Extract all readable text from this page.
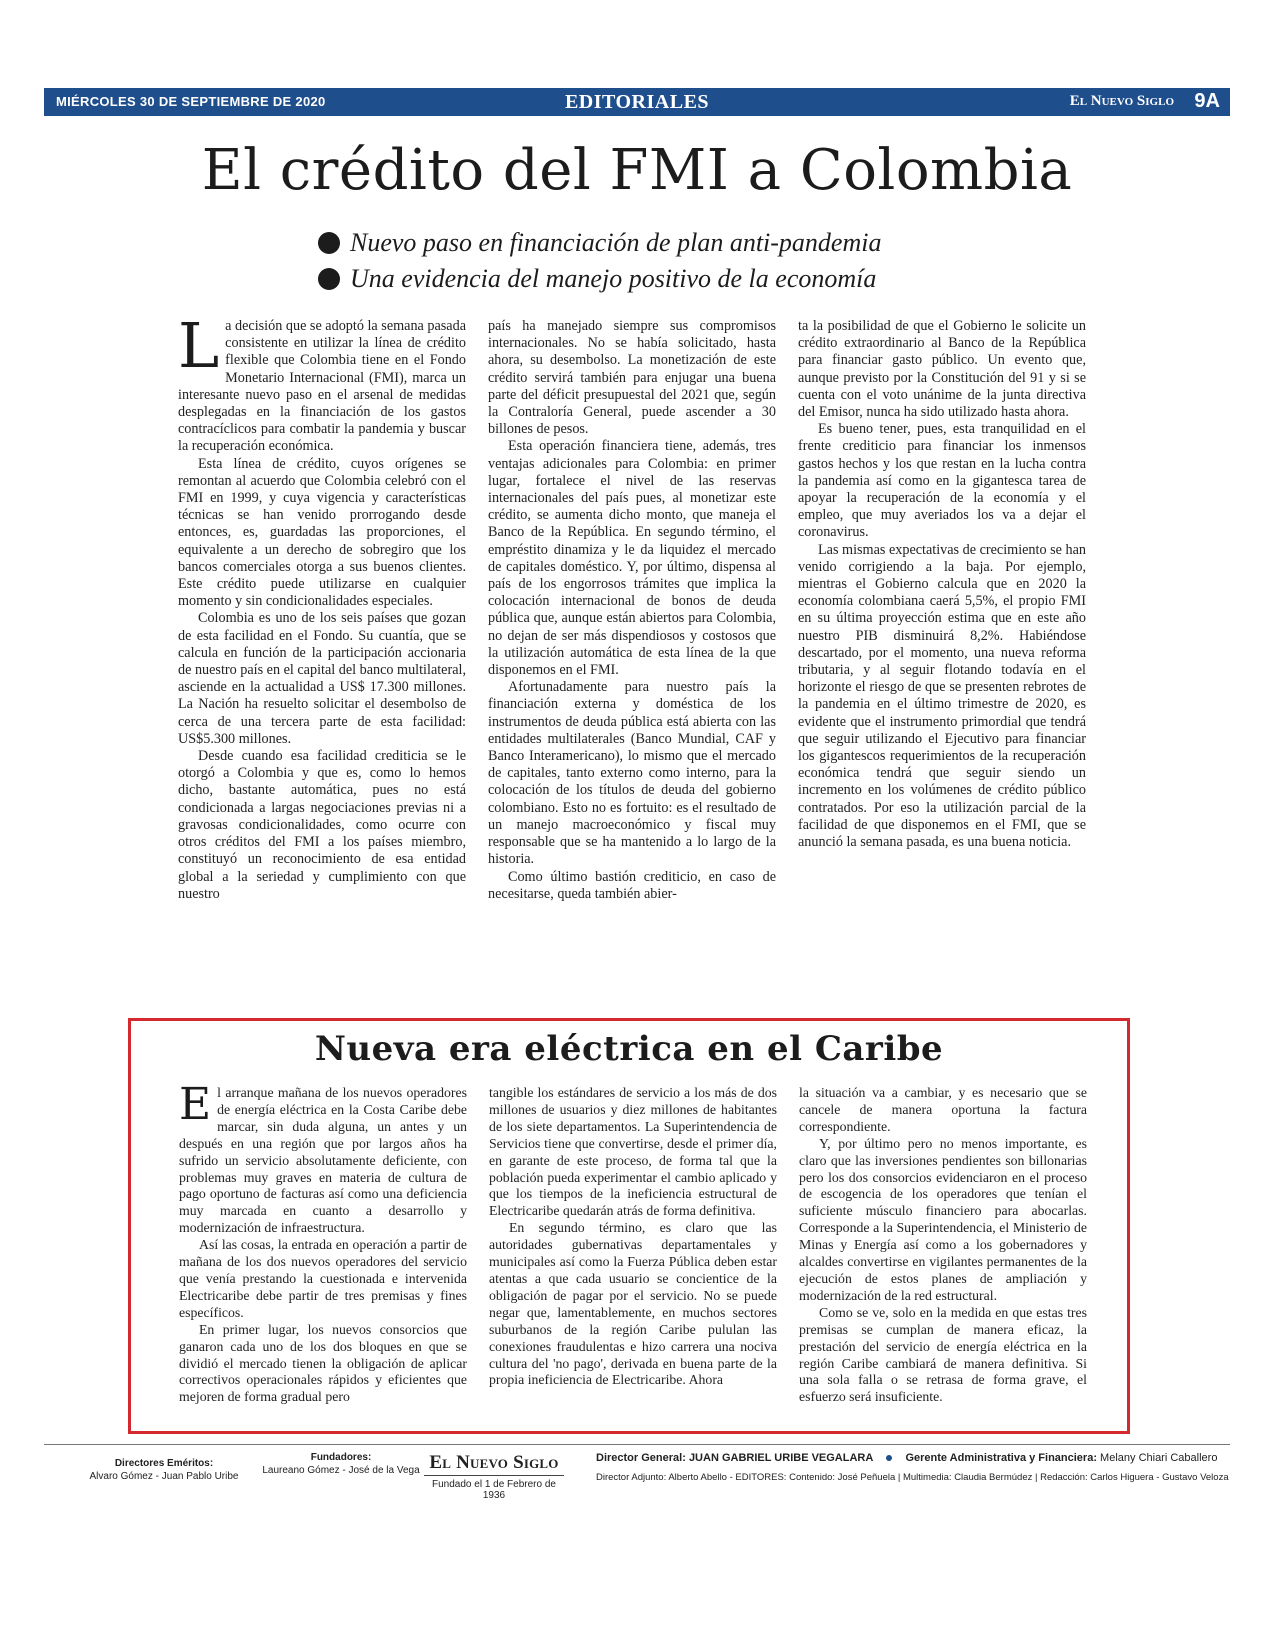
MIÉRCOLES 30 DE SEPTIEMBRE DE 2020	EDITORIALES	El Nuevo Siglo 9A
El crédito del FMI a Colombia
Nuevo paso en financiación de plan anti-pandemia
Una evidencia del manejo positivo de la economía

La decisión que se adoptó la semana pasada consistente en utilizar la línea de crédito flexible que Colombia tiene en el Fondo Monetario Internacional (FMI), marca un interesante nuevo paso en el arsenal de medidas desplegadas en la financiación de los gastos contracíclicos para combatir la pandemia y buscar la recuperación económica.

Esta línea de crédito, cuyos orígenes se remontan al acuerdo que Colombia celebró con el FMI en 1999, y cuya vigencia y características técnicas se han venido prorrogando desde entonces, es, guardadas las proporciones, el equivalente a un derecho de sobregiro que los bancos comerciales otorga a sus buenos clientes. Este crédito puede utilizarse en cualquier momento y sin condicionalidades especiales.

Colombia es uno de los seis países que gozan de esta facilidad en el Fondo. Su cuantía, que se calcula en función de la participación accionaria de nuestro país en el capital del banco multilateral, asciende en la actualidad a US$ 17.300 millones. La Nación ha resuelto solicitar el desembolso de cerca de una tercera parte de esta facilidad: US$5.300 millones.

Desde cuando esa facilidad crediticia se le otorgó a Colombia y que es, como lo hemos dicho, bastante automática, pues no está condicionada a largas negociaciones previas ni a gravosas condicionalidades, como ocurre con otros créditos del FMI a los países miembro, constituyó un reconocimiento de esa entidad global a la seriedad y cumplimiento con que nuestro

país ha manejado siempre sus compromisos internacionales. No se había solicitado, hasta ahora, su desembolso. La monetización de este crédito servirá también para enjugar una buena parte del déficit presupuestal del 2021 que, según la Contraloría General, puede ascender a 30 billones de pesos.

Esta operación financiera tiene, además, tres ventajas adicionales para Colombia: en primer lugar, fortalece el nivel de las reservas internacionales del país pues, al monetizar este crédito, se aumenta dicho monto, que maneja el Banco de la República. En segundo término, el empréstito dinamiza y le da liquidez el mercado de capitales doméstico. Y, por último, dispensa al país de los engorrosos trámites que implica la colocación internacional de bonos de deuda pública que, aunque están abiertos para Colombia, no dejan de ser más dispendiosos y costosos que la utilización automática de esta línea de la que disponemos en el FMI.

Afortunadamente para nuestro país la financiación externa y doméstica de los instrumentos de deuda pública está abierta con las entidades multilaterales (Banco Mundial, CAF y Banco Interamericano), lo mismo que el mercado de capitales, tanto externo como interno, para la colocación de los títulos de deuda del gobierno colombiano. Esto no es fortuito: es el resultado de un manejo macroeconómico y fiscal muy responsable que se ha mantenido a lo largo de la historia.

Como último bastión crediticio, en caso de necesitarse, queda también abier-

ta la posibilidad de que el Gobierno le solicite un crédito extraordinario al Banco de la República para financiar gasto público. Un evento que, aunque previsto por la Constitución del 91 y si se cuenta con el voto unánime de la junta directiva del Emisor, nunca ha sido utilizado hasta ahora.

Es bueno tener, pues, esta tranquilidad en el frente crediticio para financiar los inmensos gastos hechos y los que restan en la lucha contra la pandemia así como en la gigantesca tarea de apoyar la recuperación de la economía y el empleo, que muy averiados los va a dejar el coronavirus.

Las mismas expectativas de crecimiento se han venido corrigiendo a la baja. Por ejemplo, mientras el Gobierno calcula que en 2020 la economía colombiana caerá 5,5%, el propio FMI en su última proyección estima que en este año nuestro PIB disminuirá 8,2%. Habiéndose descartado, por el momento, una nueva reforma tributaria, y al seguir flotando todavía en el horizonte el riesgo de que se presenten rebrotes de la pandemia en el último trimestre de 2020, es evidente que el instrumento primordial que tendrá que seguir utilizando el Ejecutivo para financiar los gigantescos requerimientos de la recuperación económica tendrá que seguir siendo un incremento en los volúmenes de crédito público contratados. Por eso la utilización parcial de la facilidad de que disponemos en el FMI, que se anunció la semana pasada, es una buena noticia.

Nueva era eléctrica en el Caribe

El arranque mañana de los nuevos operadores de energía eléctrica en la Costa Caribe debe marcar, sin duda alguna, un antes y un después en una región que por largos años ha sufrido un servicio absolutamente deficiente, con problemas muy graves en materia de cultura de pago oportuno de facturas así como una deficiencia muy marcada en cuanto a desarrollo y modernización de infraestructura.

Así las cosas, la entrada en operación a partir de mañana de los dos nuevos operadores del servicio que venía prestando la cuestionada e intervenida Electricaribe debe partir de tres premisas y fines específicos.

En primer lugar, los nuevos consorcios que ganaron cada uno de los dos bloques en que se dividió el mercado tienen la obligación de aplicar correctivos operacionales rápidos y eficientes que mejoren de forma gradual pero

tangible los estándares de servicio a los más de dos millones de usuarios y diez millones de habitantes de los siete departamentos. La Superintendencia de Servicios tiene que convertirse, desde el primer día, en garante de este proceso, de forma tal que la población pueda experimentar el cambio aplicado y que los tiempos de la ineficiencia estructural de Electricaribe quedarán atrás de forma definitiva.

En segundo término, es claro que las autoridades gubernativas departamentales y municipales así como la Fuerza Pública deben estar atentas a que cada usuario se concientice de la obligación de pagar por el servicio. No se puede negar que, lamentablemente, en muchos sectores suburbanos de la región Caribe pululan las conexiones fraudulentas e hizo carrera una nociva cultura del 'no pago', derivada en buena parte de la propia ineficiencia de Electricaribe. Ahora

la situación va a cambiar, y es necesario que se cancele de manera oportuna la factura correspondiente.

Y, por último pero no menos importante, es claro que las inversiones pendientes son billonarias pero los dos consorcios evidenciaron en el proceso de escogencia de los operadores que tenían el suficiente músculo financiero para abocarlas. Corresponde a la Superintendencia, el Ministerio de Minas y Energía así como a los gobernadores y alcaldes convertirse en vigilantes permanentes de la ejecución de estos planes de ampliación y modernización de la red estructural.

Como se ve, solo en la medida en que estas tres premisas se cumplan de manera eficaz, la prestación del servicio de energía eléctrica en la región Caribe cambiará de manera definitiva. Si una sola falla o se retrasa de forma grave, el esfuerzo será insuficiente.

Directores Eméritos:
Alvaro Gómez - Juan Pablo Uribe
Fundadores:
Laureano Gómez - José de la Vega El Nuevo Siglo
Fundado el 1 de Febrero de 1936
Director General: JUAN GABRIEL URIBE VEGALARA	Gerente Administrativa y Financiera: Melany Chiari Caballero
Director Adjunto: Alberto Abello - EDITORES: Contenido: José Peñuela | Multimedia: Claudia Bermúdez | Redacción: Carlos Higuera - Gustavo Veloza
